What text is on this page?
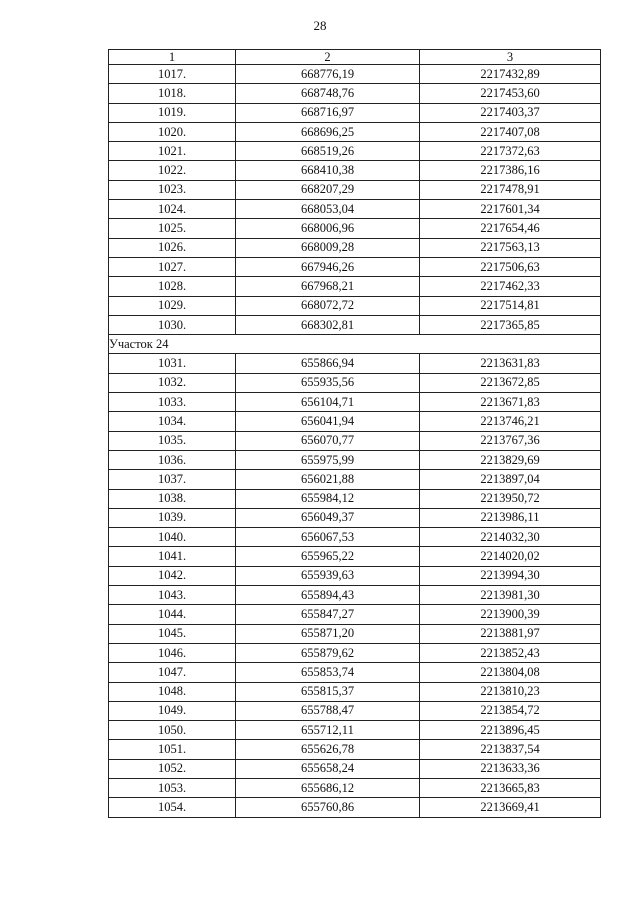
28
1	2	3
1017.	668776,19	2217432,89
1018.	668748,76	2217453,60
1019.	668716,97	2217403,37
1020.	668696,25	2217407,08
1021.	668519,26	2217372,63
1022.	668410,38	2217386,16
1023.	668207,29	2217478,91
1024.	668053,04	2217601,34
1025.	668006,96	2217654,46
1026.	668009,28	2217563,13
1027.	667946,26	2217506,63
1028.	667968,21	2217462,33
1029.	668072,72	2217514,81
1030.	668302,81	2217365,85
Участок 24		
1031.	655866,94	2213631,83
1032.	655935,56	2213672,85
1033.	656104,71	2213671,83
1034.	656041,94	2213746,21
1035.	656070,77	2213767,36
1036.	655975,99	2213829,69
1037.	656021,88	2213897,04
1038.	655984,12	2213950,72
1039.	656049,37	2213986,11
1040.	656067,53	2214032,30
1041.	655965,22	2214020,02
1042.	655939,63	2213994,30
1043.	655894,43	2213981,30
1044.	655847,27	2213900,39
1045.	655871,20	2213881,97
1046.	655879,62	2213852,43
1047.	655853,74	2213804,08
1048.	655815,37	2213810,23
1049.	655788,47	2213854,72
1050.	655712,11	2213896,45
1051.	655626,78	2213837,54
1052.	655658,24	2213633,36
1053.	655686,12	2213665,83
1054.	655760,86	2213669,41
